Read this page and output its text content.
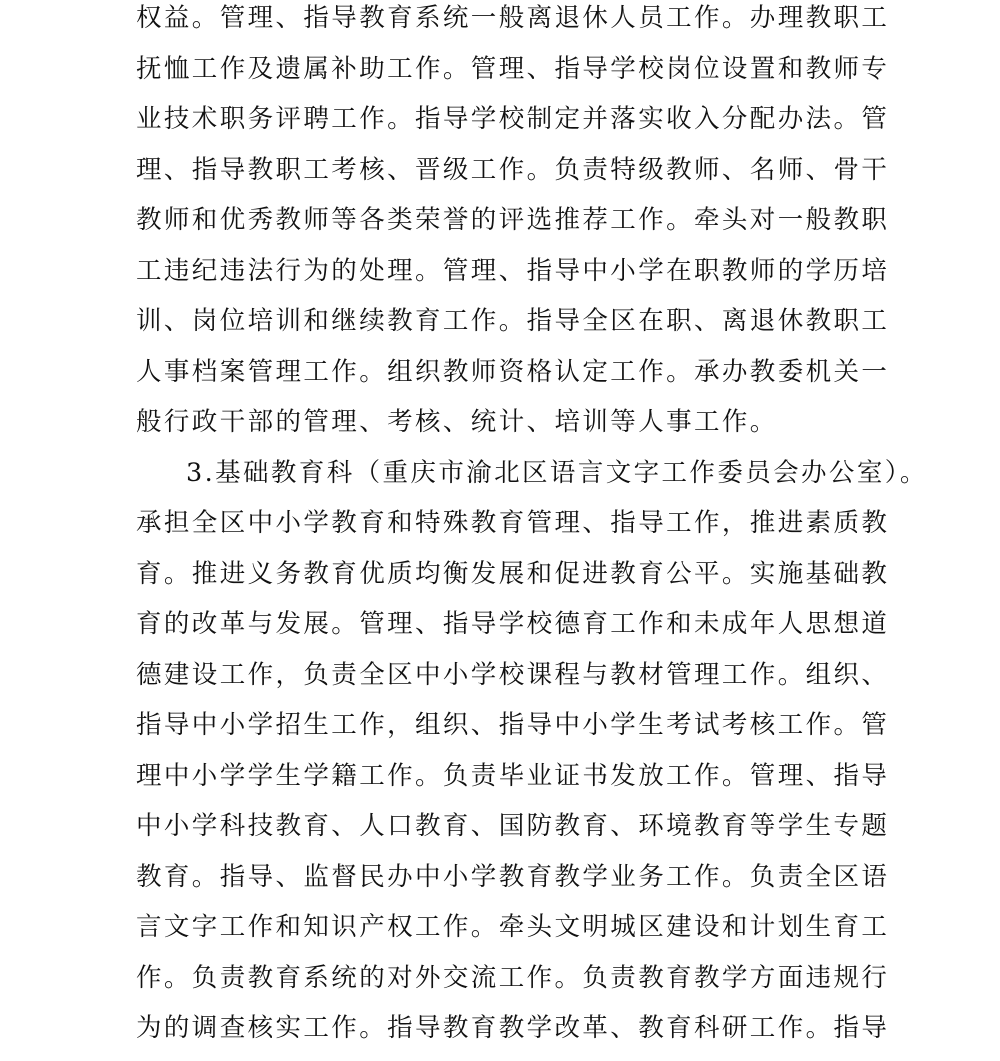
权益。管理、指导教育系统一般离退休人员工作。办理教职工
抚恤工作及遗属补助工作。管理、指导学校岗位设置和教师专
业技术职务评聘工作。指导学校制定并落实收入分配办法。管
理、指导教职工考核、晋级工作。负责特级教师、名师、骨干
教师和优秀教师等各类荣誉的评选推荐工作。牵头对一般教职
工违纪违法行为的处理。管理、指导中小学在职教师的学历培
训、岗位培训和继续教育工作。指导全区在职、离退休教职工
人事档案管理工作。组织教师资格认定工作。承办教委机关一
般行政干部的管理、考核、统计、培训等人事工作。
3.基础教育科（重庆市渝北区语言文字工作委员会办公室）。
承担全区中小学教育和特殊教育管理、指导工作，推进素质教
育。推进义务教育优质均衡发展和促进教育公平。实施基础教
育的改革与发展。管理、指导学校德育工作和未成年人思想道
德建设工作，负责全区中小学校课程与教材管理工作。组织、
指导中小学招生工作，组织、指导中小学生考试考核工作。管
理中小学学生学籍工作。负责毕业证书发放工作。管理、指导
中小学科技教育、人口教育、国防教育、环境教育等学生专题
教育。指导、监督民办中小学教育教学业务工作。负责全区语
言文字工作和知识产权工作。牵头文明城区建设和计划生育工
作。负责教育系统的对外交流工作。负责教育教学方面违规行
为的调查核实工作。指导教育教学改革、教育科研工作。指导
